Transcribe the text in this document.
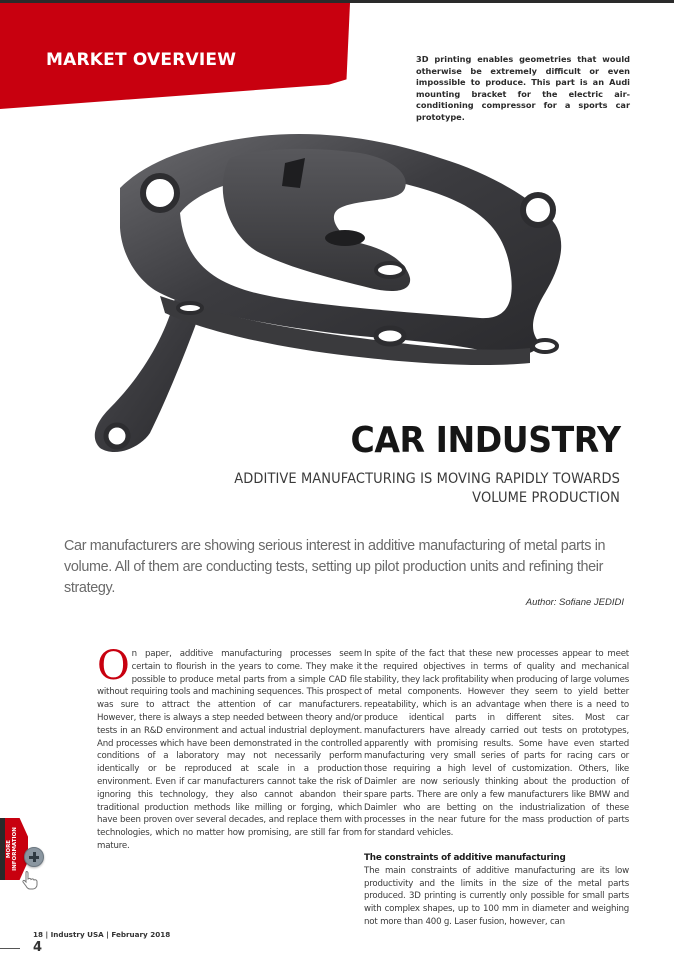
MARKET OVERVIEW	3D printing enables geometries that would otherwise be extremely difficult or even impossible to produce. This part is an Audi mounting bracket for the electric air-conditioning compressor for a sports car prototype.
CAR INDUSTRY
ADDITIVE MANUFACTURING IS MOVING RAPIDLY TOWARDS VOLUME PRODUCTION
Car manufacturers are showing serious interest in additive manufacturing of metal parts in volume. All of them are conducting tests, setting up pilot production units and refining their strategy.
Author: Sofiane JEDIDI
O n paper, additive manufacturing processes seem certain to flourish in the years to come. They make it possible to produce metal parts from a simple CAD file without requiring tools and machining sequences. This prospect was sure to attract the attention of car manufacturers. However, there is always a step needed between theory and/or tests in an R&D environment and actual industrial deployment. And processes which have been demonstrated in the controlled conditions of a laboratory may not necessarily perform identically or be reproduced at scale in a production environment. Even if car manufacturers cannot take the risk of ignoring this technology, they also cannot abandon their traditional production methods like milling or forging, which have been proven over several decades, and replace them with technologies, which no matter how promising, are still far from mature.

In spite of the fact that these new processes appear to meet the required objectives in terms of quality and mechanical stability, they lack profitability when producing of large volumes of metal components. However they seem to yield better repeatability, which is an advantage when there is a need to produce identical parts in different sites. Most car manufacturers have already carried out tests on prototypes, apparently with promising results. Some have even started manufacturing very small series of parts for racing cars or those requiring a high level of customization. Others, like Daimler are now seriously thinking about the production of spare parts. There are only a few manufacturers like BMW and Daimler who are betting on the industrialization of these processes in the near future for the mass production of parts for standard vehicles.

The constraints of additive manufacturing

The main constraints of additive manufacturing are its low productivity and the limits in the size of the metal parts produced. 3D printing is currently only possible for small parts with complex shapes, up to 100 mm in diameter and weighing not more than 400 g. Laser fusion, however, can

MORE INFORMATION
18 | Industry USA | February 2018
4
